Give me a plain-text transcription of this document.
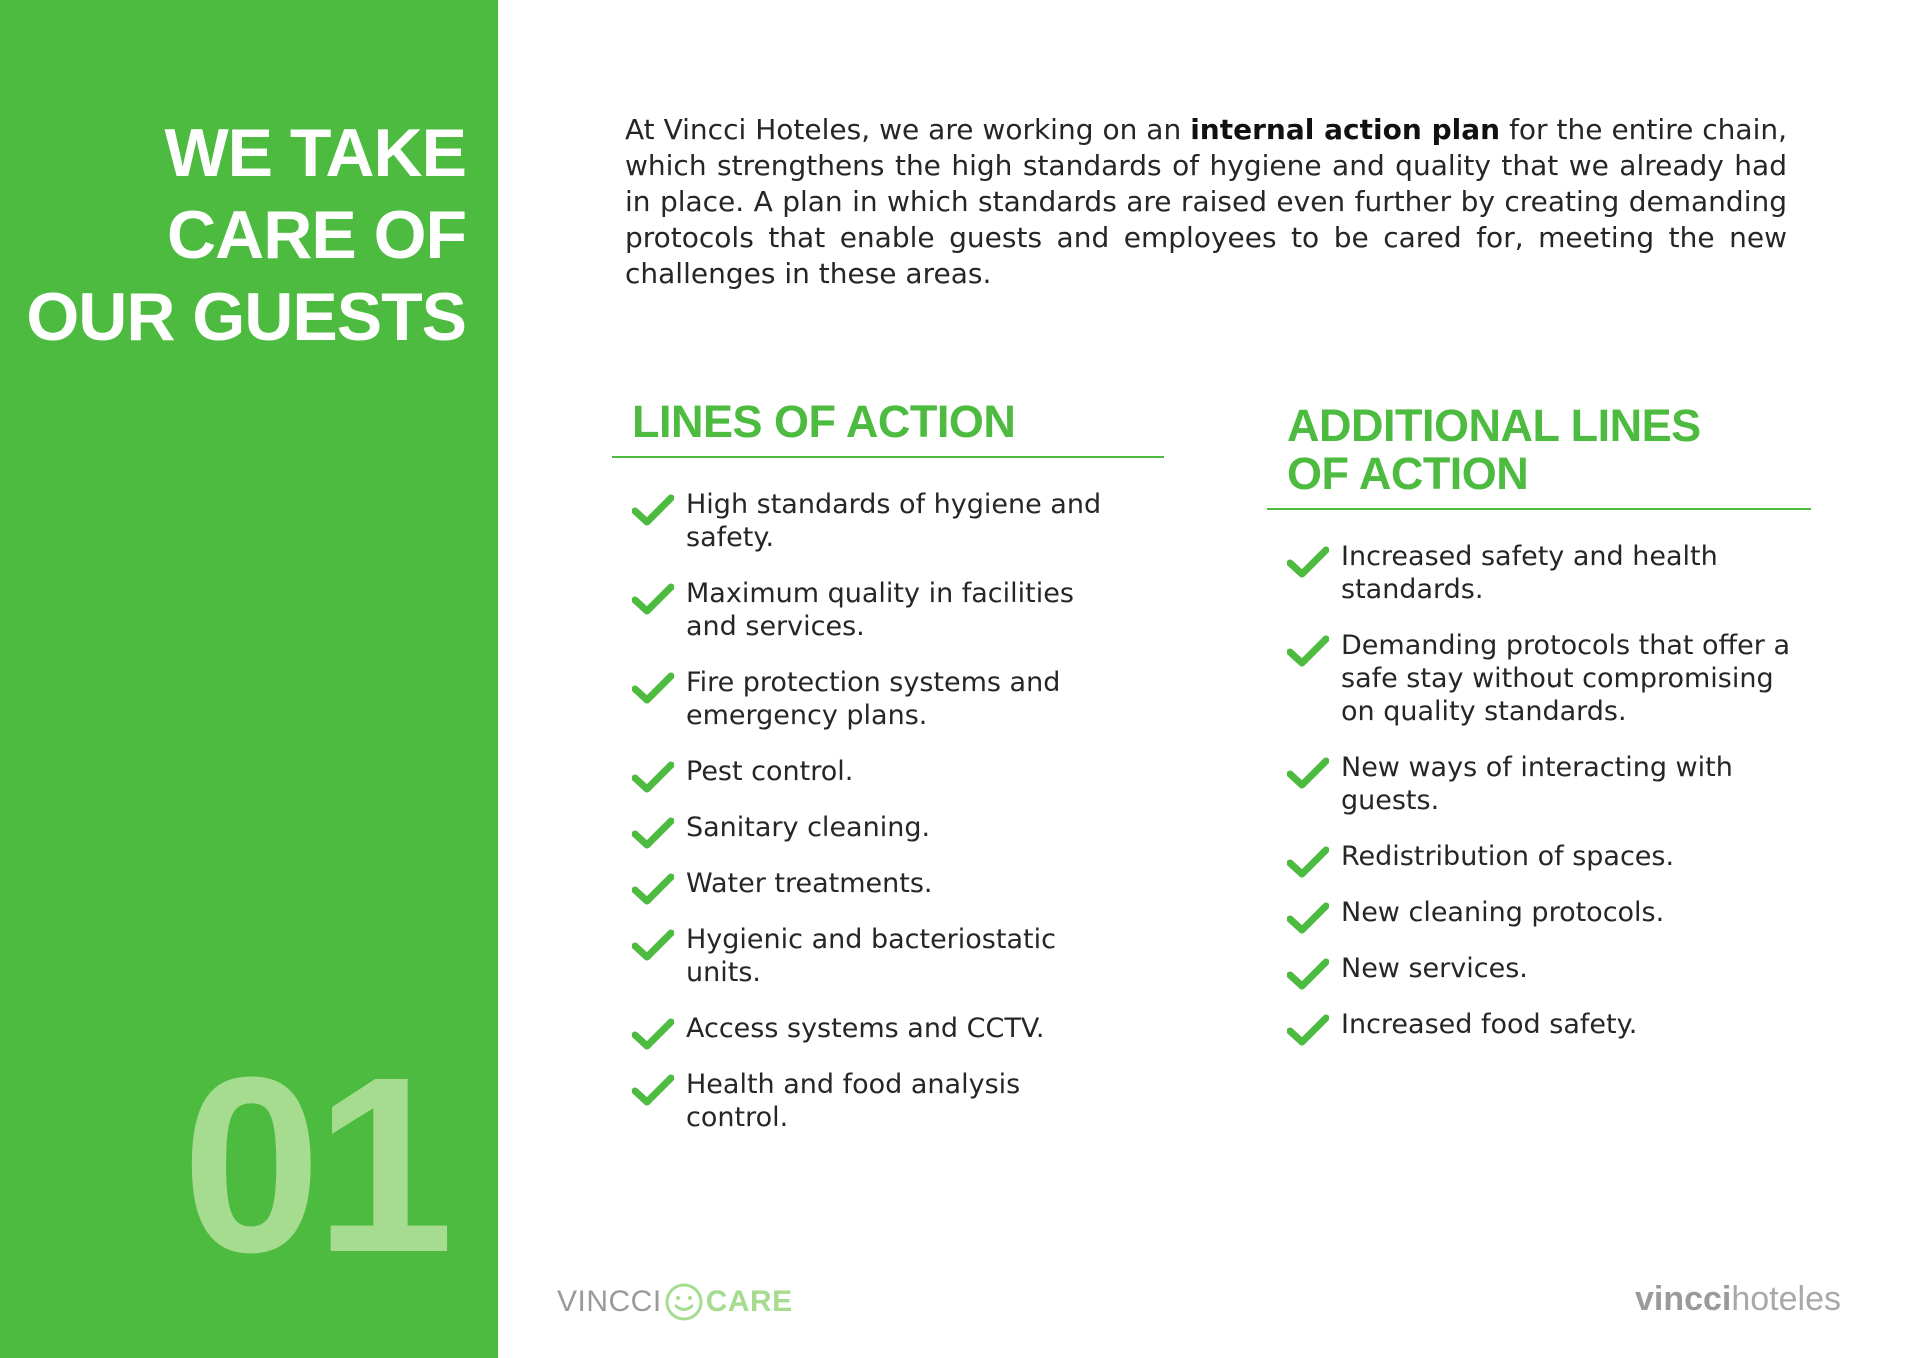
WE TAKE
CARE OF
OUR GUESTS
01

At Vincci Hoteles, we are working on an internal action plan for the entire chain, which strengthens the high standards of hygiene and quality that we already had in place. A plan in which standards are raised even further by creating demanding protocols that enable guests and employees to be cared for, meeting the new challenges in these areas.

LINES OF ACTION
High standards of hygiene and safety.
Maximum quality in facilities and services.
Fire protection systems and emergency plans.
Pest control.
Sanitary cleaning.
Water treatments.
Hygienic and bacteriostatic units.
Access systems and CCTV.
Health and food analysis control.
ADDITIONAL LINES
OF ACTION
Increased safety and health standards.
Demanding protocols that offer a safe stay without compromising on quality standards.
New ways of interacting with guests.
Redistribution of spaces.
New cleaning protocols.
New services.
Increased food safety.
VINCCI CARE	vinccihoteles
